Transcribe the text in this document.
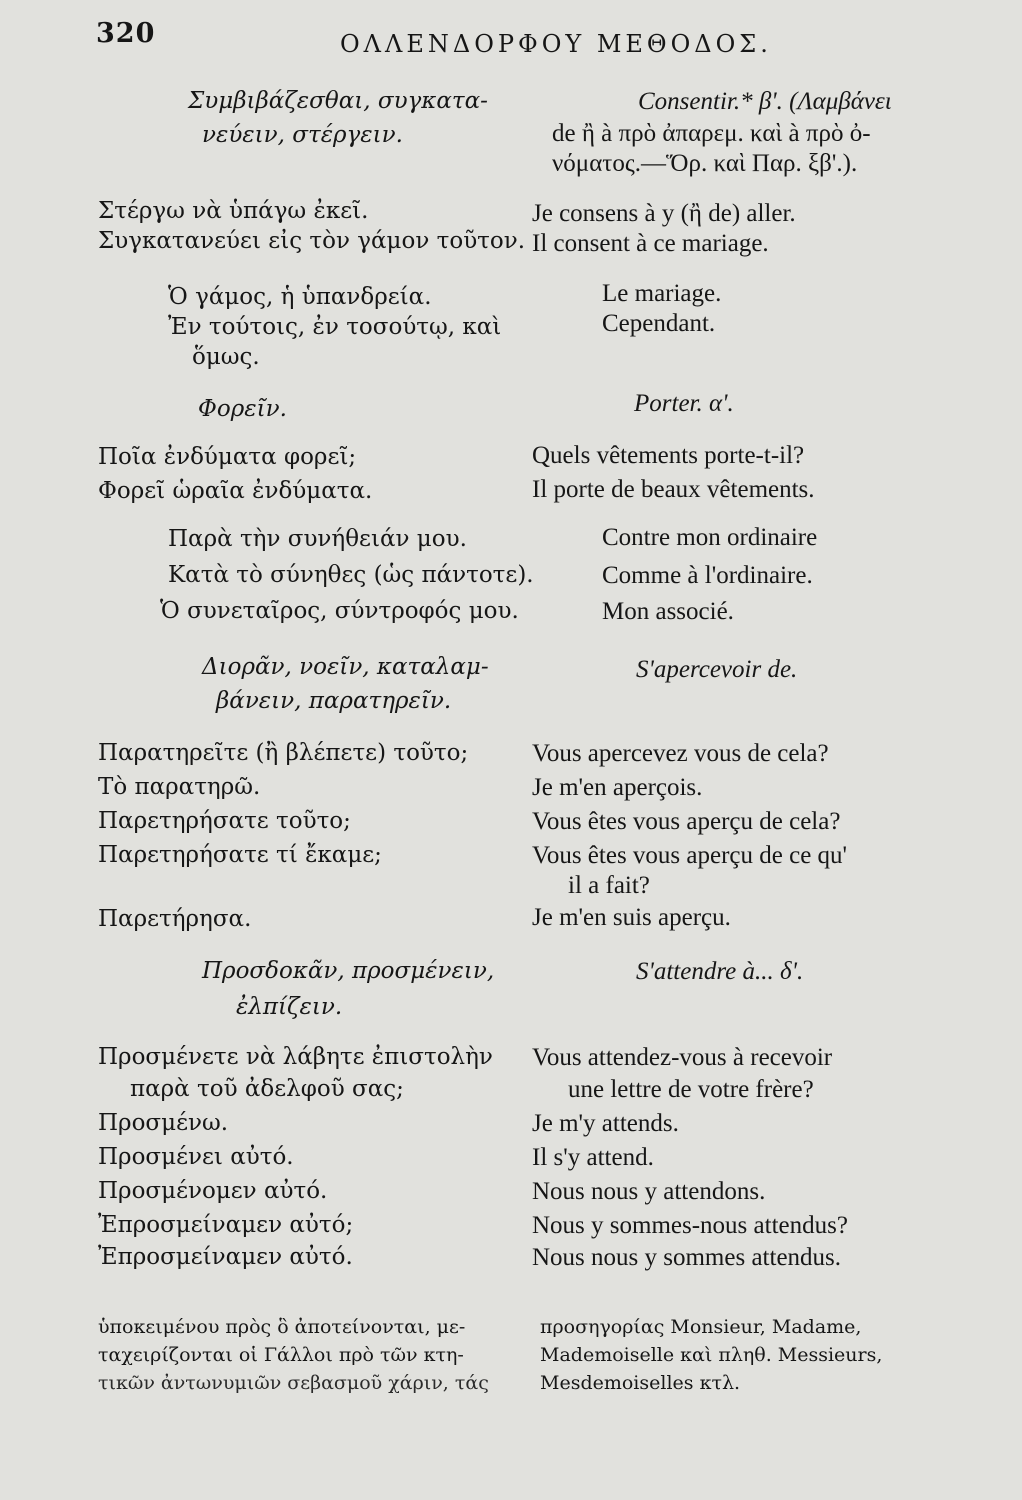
320	ΟΛΛΕΝΔΟΡΦΟΥ ΜΕΘΟΔΟΣ.
Συμβιβάζεσθαι, συγκατα-
νεύειν, στέργειν.
Στέργω νὰ ὑπάγω ἐκεῖ.
Συγκατανεύει εἰς τὸν γάμον τοῦτον.
Ὁ γάμος, ἡ ὑπανδρεία.
Ἐν τούτοις, ἐν τοσούτῳ, καὶ
ὅμως.
Φορεῖν.
Ποῖα ἐνδύματα φορεῖ;
Φορεῖ ὡραῖα ἐνδύματα.
Παρὰ τὴν συνήθειάν μου.
Κατὰ τὸ σύνηθες (ὡς πάντοτε).
Ὁ συνεταῖρος, σύντροφός μου.
Διορᾶν, νοεῖν, καταλαμ-
βάνειν, παρατηρεῖν.
Παρατηρεῖτε (ἢ βλέπετε) τοῦτο;
Τὸ παρατηρῶ.
Παρετηρήσατε τοῦτο;
Παρετηρήσατε τί ἔκαμε;
Παρετήρησα.
Προσδοκᾶν, προσμένειν,
ἐλπίζειν.
Προσμένετε νὰ λάβητε ἐπιστολὴν
παρὰ τοῦ ἀδελφοῦ σας;
Προσμένω.
Προσμένει αὐτό.
Προσμένομεν αὐτό.
Ἐπροσμείναμεν αὐτό;
Ἐπροσμείναμεν αὐτό.
ὑποκειμένου πρὸς ὃ ἀποτείνονται, με-
ταχειρίζονται οἱ Γάλλοι πρὸ τῶν κτη-
τικῶν ἀντωνυμιῶν σεβασμοῦ χάριν, τάς
Consentir.* β'. (Λαμβάνει
de ἢ à πρὸ ἀπαρεμ. καὶ à πρὸ ὀ-
νόματος.—Ὅρ. καὶ Παρ. ξβ'.).
Je consens à y (ἢ de) aller.
Il consent à ce mariage.
Le mariage.
Cependant.
Porter. α'.
Quels vêtements porte-t-il?
Il porte de beaux vêtements.
Contre mon ordinaire
Comme à l'ordinaire.
Mon associé.
S'apercevoir de.
Vous apercevez vous de cela?
Je m'en aperçois.
Vous êtes vous aperçu de cela?
Vous êtes vous aperçu de ce qu'
il a fait?
Je m'en suis aperçu.
S'attendre à... δ'.
Vous attendez-vous à recevoir
une lettre de votre frère?
Je m'y attends.
Il s'y attend.
Nous nous y attendons.
Nous y sommes-nous attendus?
Nous nous y sommes attendus.
προσηγορίας Monsieur, Madame,
Mademoiselle καὶ πληθ. Messieurs,
Mesdemoiselles κτλ.
